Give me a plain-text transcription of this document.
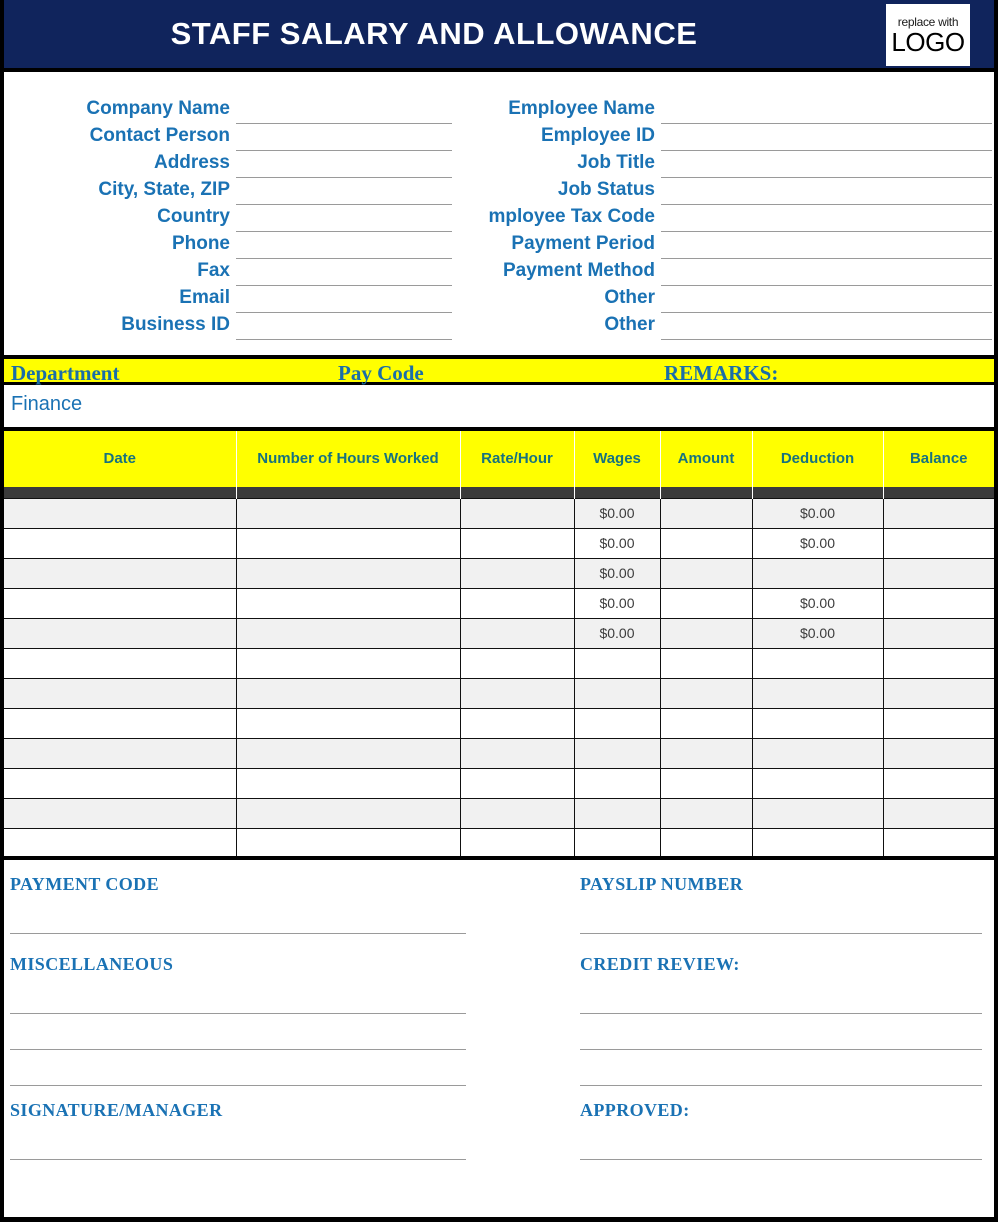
STAFF SALARY AND ALLOWANCE	replace with
LOGO
Company Name
Contact Person
Address
City, State, ZIP
Country
Phone
Fax
Email
Business ID
Employee Name
Employee ID
Job Title
Job Status
mployee Tax Code
Payment Period
Payment Method
Other
Other
Department	Pay Code	REMARKS:
Finance
Date	Number of Hours Worked	Rate/Hour	Wages	Amount	Deduction	Balance

			$0.00		$0.00	
			$0.00		$0.00	
			$0.00			
			$0.00		$0.00	
			$0.00		$0.00	

PAYMENT CODE	PAYSLIP NUMBER
MISCELLANEOUS	CREDIT REVIEW:
SIGNATURE/MANAGER	APPROVED:
